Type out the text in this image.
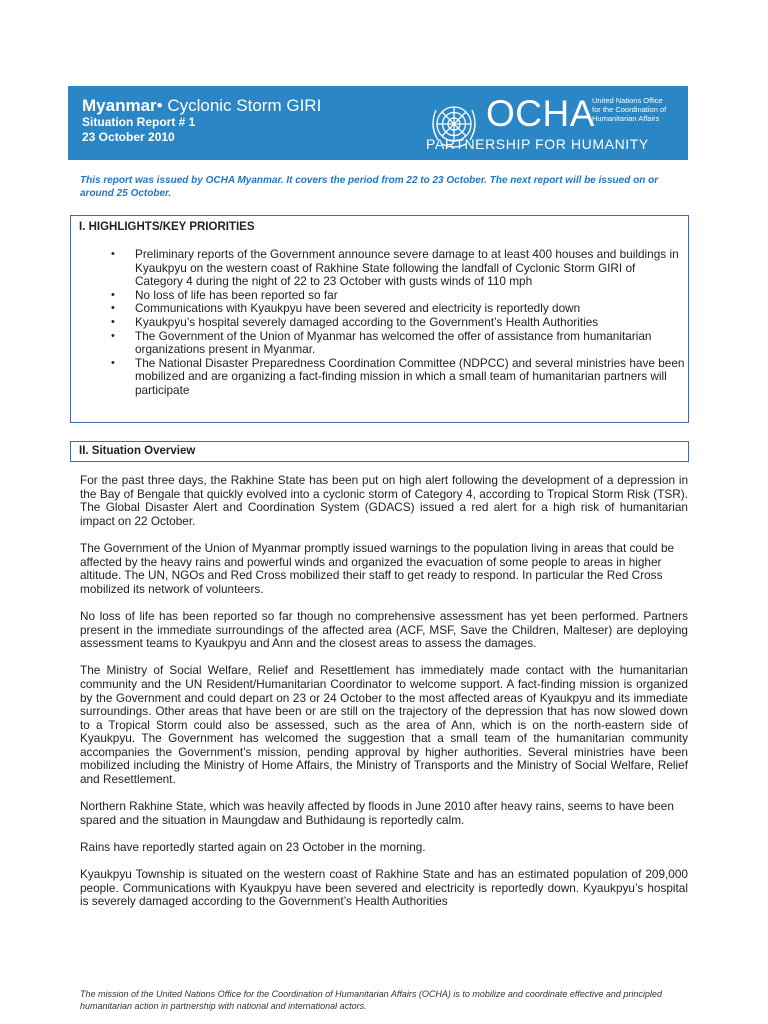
Myanmar• Cyclonic Storm GIRI
Situation Report # 1
23 October 2010
OCHA
United Nations Office
for the Coordination of
Humanitarian Affairs
PARTNERSHIP FOR HUMANITY
This report was issued by OCHA Myanmar. It covers the period from 22 to 23 October. The next report will be issued on or around 25 October.
I. HIGHLIGHTS/KEY PRIORITIES
• Preliminary reports of the Government announce severe damage to at least 400 houses and buildings in Kyaukpyu on the western coast of Rakhine State following the landfall of Cyclonic Storm GIRI of Category 4 during the night of 22 to 23 October with gusts winds of 110 mph
• No loss of life has been reported so far
• Communications with Kyaukpyu have been severed and electricity is reportedly down
• Kyaukpyu’s hospital severely damaged according to the Government’s Health Authorities
• The Government of the Union of Myanmar has welcomed the offer of assistance from humanitarian organizations present in Myanmar.
• The National Disaster Preparedness Coordination Committee (NDPCC) and several ministries have been mobilized and are organizing a fact-finding mission in which a small team of humanitarian partners will participate
II. Situation Overview

For the past three days, the Rakhine State has been put on high alert following the development of a depression in the Bay of Bengale that quickly evolved into a cyclonic storm of Category 4, according to Tropical Storm Risk (TSR). The Global Disaster Alert and Coordination System (GDACS) issued a red alert for a high risk of humanitarian impact on 22 October.

The Government of the Union of Myanmar promptly issued warnings to the population living in areas that could be affected by the heavy rains and powerful winds and organized the evacuation of some people to areas in higher altitude. The UN, NGOs and Red Cross mobilized their staff to get ready to respond. In particular the Red Cross mobilized its network of volunteers.

No loss of life has been reported so far though no comprehensive assessment has yet been performed. Partners present in the immediate surroundings of the affected area (ACF, MSF, Save the Children, Malteser) are deploying assessment teams to Kyaukpyu and Ann and the closest areas to assess the damages.

The Ministry of Social Welfare, Relief and Resettlement has immediately made contact with the humanitarian community and the UN Resident/Humanitarian Coordinator to welcome support. A fact-finding mission is organized by the Government and could depart on 23 or 24 October to the most affected areas of Kyaukpyu and its immediate surroundings. Other areas that have been or are still on the trajectory of the depression that has now slowed down to a Tropical Storm could also be assessed, such as the area of Ann, which is on the north-eastern side of Kyaukpyu. The Government has welcomed the suggestion that a small team of the humanitarian community accompanies the Government’s mission, pending approval by higher authorities. Several ministries have been mobilized including the Ministry of Home Affairs, the Ministry of Transports and the Ministry of Social Welfare, Relief and Resettlement.

Northern Rakhine State, which was heavily affected by floods in June 2010 after heavy rains, seems to have been spared and the situation in Maungdaw and Buthidaung is reportedly calm.

Rains have reportedly started again on 23 October in the morning.

Kyaukpyu Township is situated on the western coast of Rakhine State and has an estimated population of 209,000 people. Communications with Kyaukpyu have been severed and electricity is reportedly down. Kyaukpyu’s hospital is severely damaged according to the Government’s Health Authorities

The mission of the United Nations Office for the Coordination of Humanitarian Affairs (OCHA) is to mobilize and coordinate effective and principled humanitarian action in partnership with national and international actors.
